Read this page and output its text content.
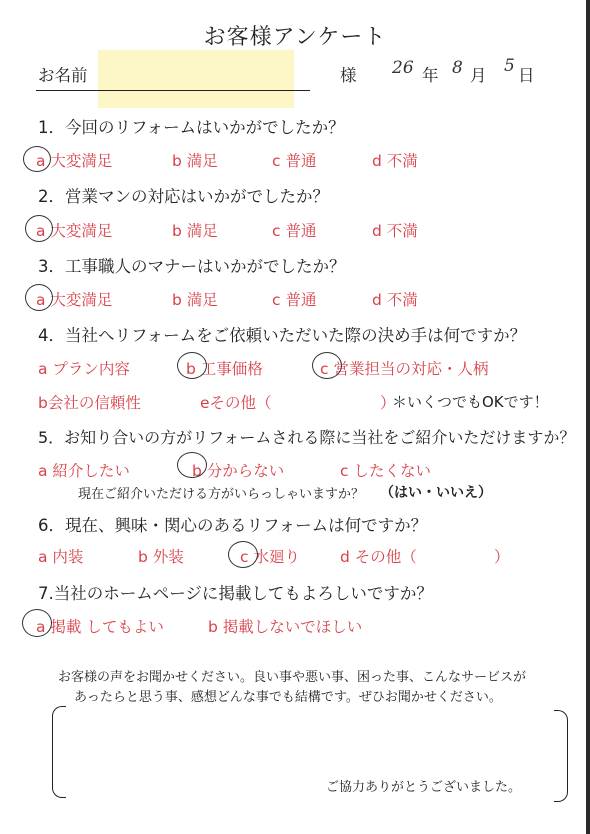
お客様アンケート
お名前	様 26 年 8 月 5 日
1．今回のリフォームはいかがでしたか？
a 大変満足	b 満足	c 普通	d 不満
2．営業マンの対応はいかがでしたか？
a 大変満足	b 満足	c 普通	d 不満
3．工事職人のマナーはいかがでしたか？
a 大変満足	b 満足	c 普通	d 不満
4．当社へリフォームをご依頼いただいた際の決め手は何ですか？
a プラン内容	b 工事価格	c 営業担当の対応・人柄
b会社の信頼性	eその他（	）
＊いくつでもOKです！
5．お知り合いの方がリフォームされる際に当社をご紹介いただけますか？
a 紹介したい	b 分からない	c したくない
現在ご紹介いただける方がいらっしゃいますか？ （はい・いいえ）
6．現在、興味・関心のあるリフォームは何ですか？
a 内装	b 外装	c 水廻り	d その他（	）
7.当社のホームページに掲載してもよろしいですか？
a 掲載 してもよい	b 掲載しないでほしい
お客様の声をお聞かせください。良い事や悪い事、困った事、こんなサービスが
あったらと思う事、感想どんな事でも結構です。ぜひお聞かせください。
ご協力ありがとうございました。
